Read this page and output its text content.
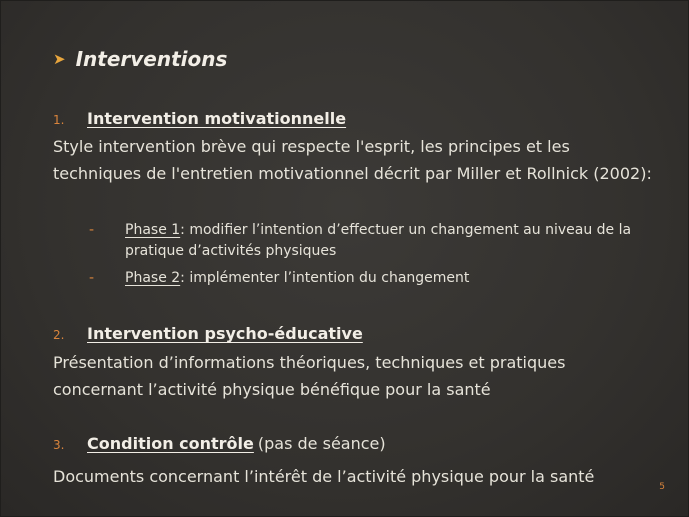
➤ Interventions
1.	Intervention motivationnelle
Style intervention brève qui respecte l'esprit, les principes et les techniques de l'entretien motivationnel décrit par Miller et Rollnick (2002):
-	Phase 1: modifier l’intention d’effectuer un changement au niveau de la pratique d’activités physiques
-	Phase 2: implémenter l’intention du changement
2.	Intervention psycho-éducative
Présentation d’informations théoriques, techniques et pratiques concernant l’activité physique bénéfique pour la santé
3.	Condition contrôle (pas de séance)
Documents concernant l’intérêt de l’activité physique pour la santé
5
